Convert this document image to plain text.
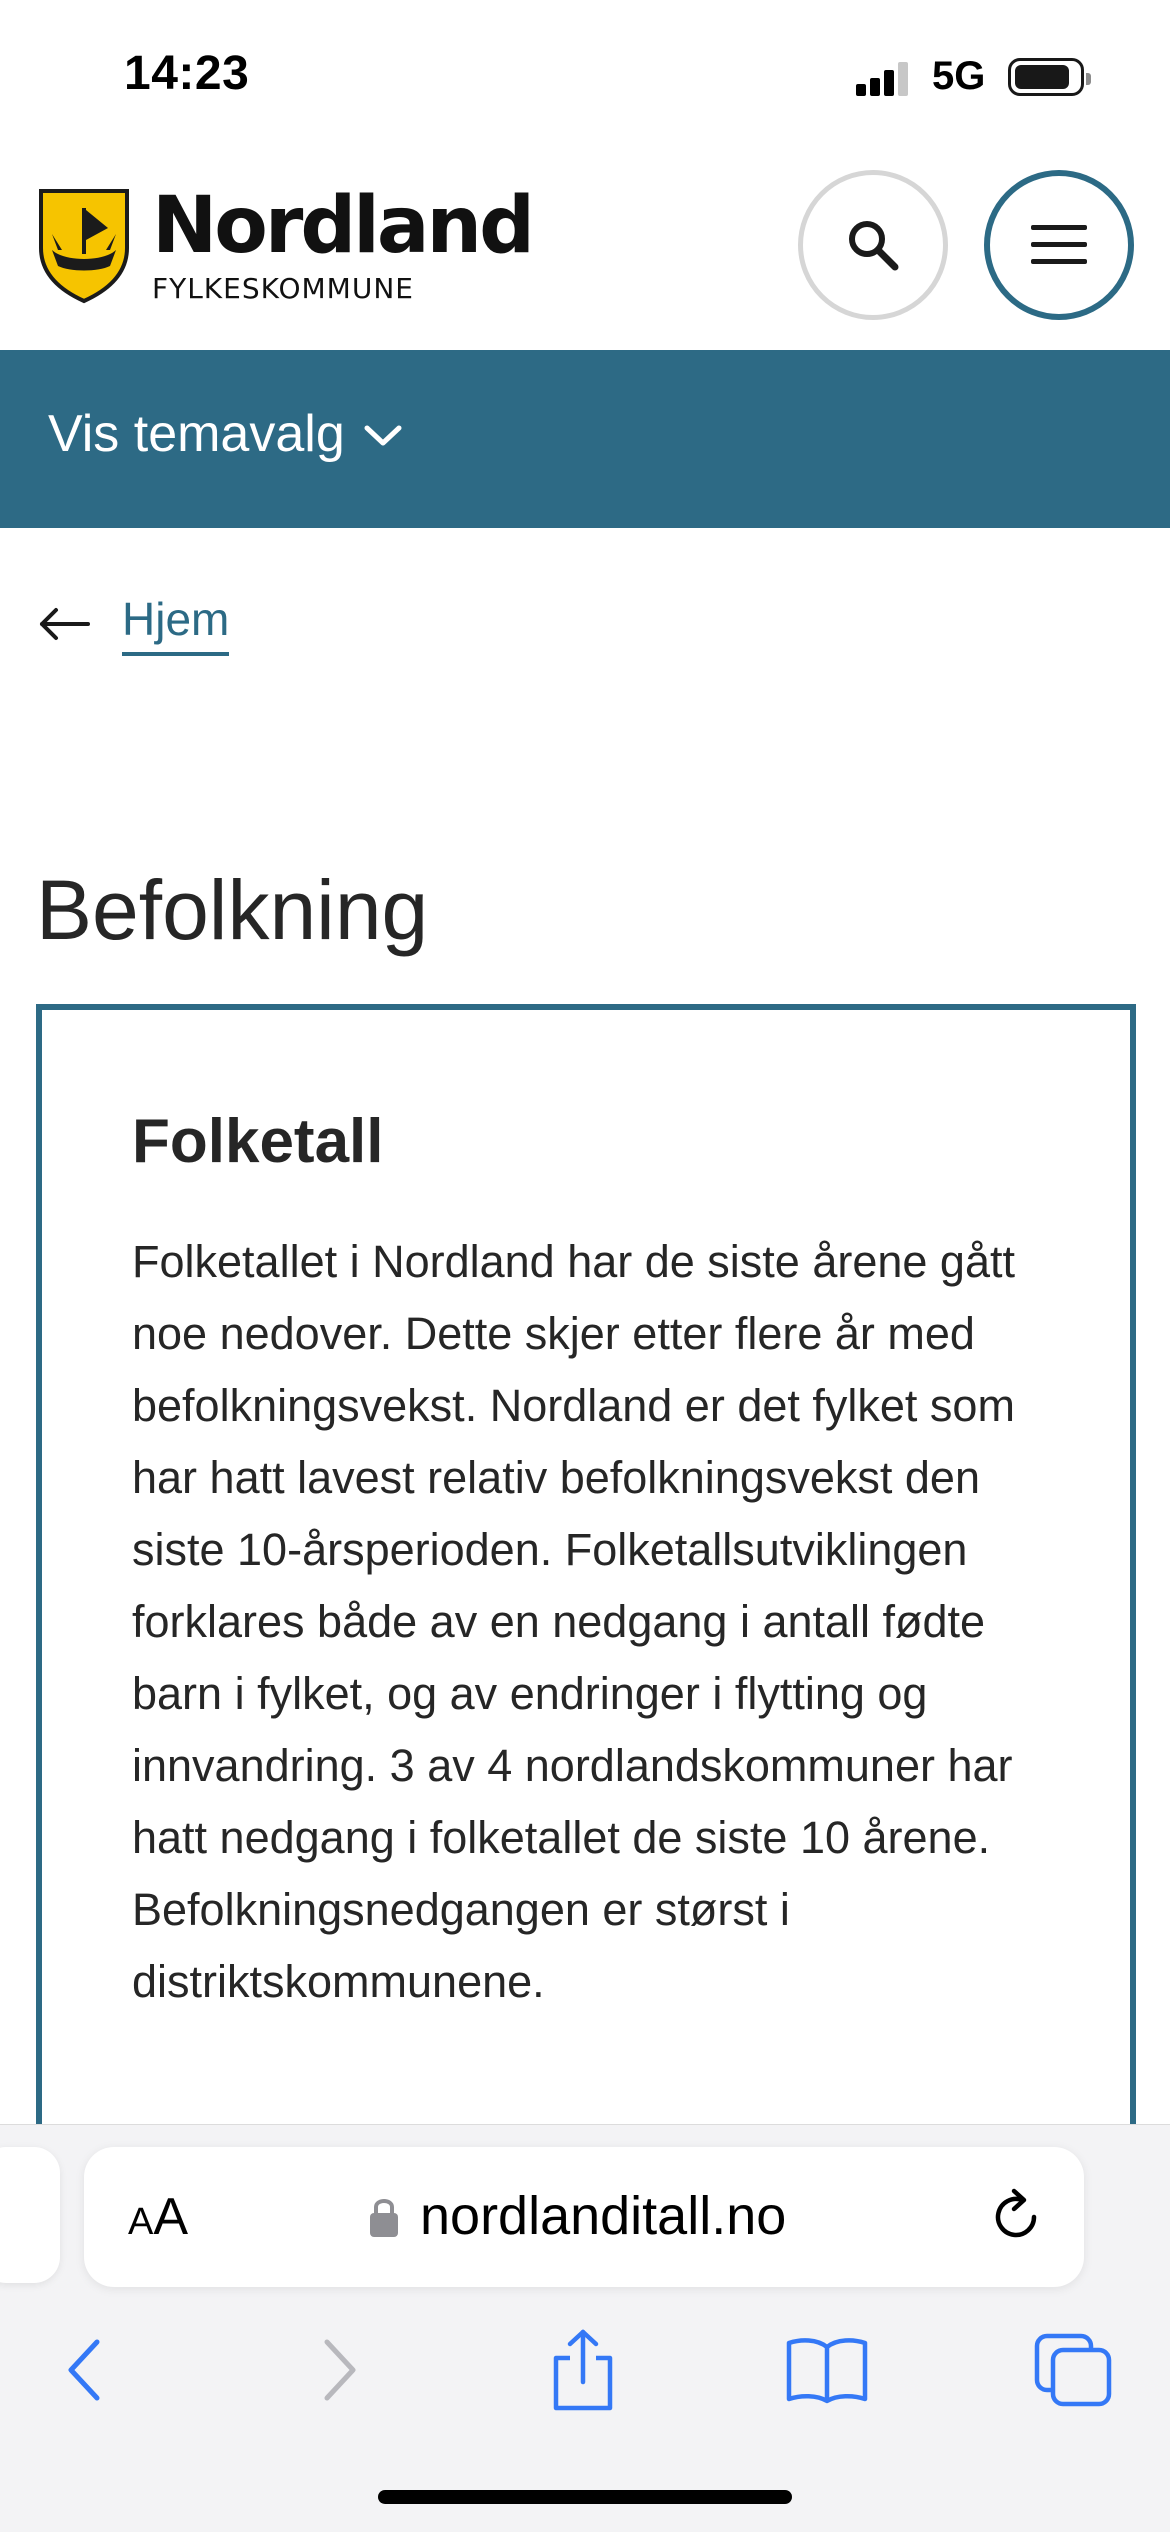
14:23	5G
Nordland
FYLKESKOMMUNE
Vis temavalg
Hjem
Befolkning
Folketall

Folketallet i Nordland har de siste årene gått noe nedover. Dette skjer etter flere år med befolkningsvekst. Nordland er det fylket som har hatt lavest relativ befolkningsvekst den siste 10-årsperioden. Folketallsutviklingen forklares både av en nedgang i antall fødte barn i fylket, og av endringer i flytting og innvandring. 3 av 4 nordlandskommuner har hatt nedgang i folketallet de siste 10 årene. Befolkningsnedgangen er størst i distriktskommunene.

AA	nordlanditall.no
